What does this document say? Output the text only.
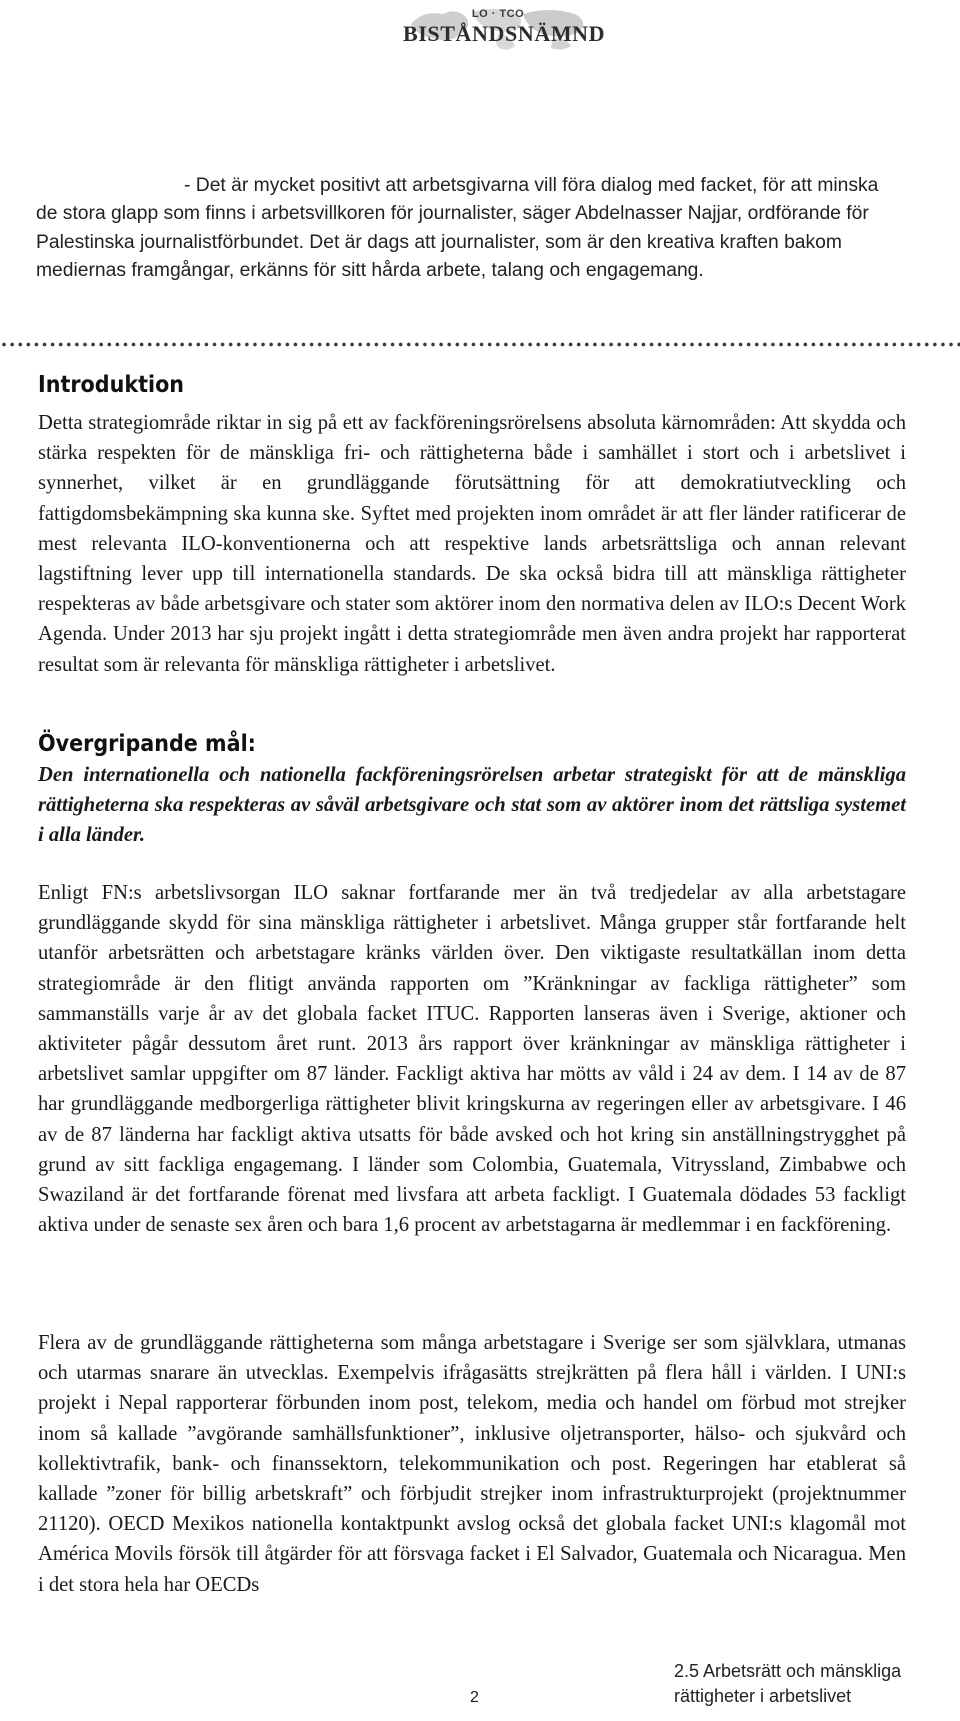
LO · TCO
BISTÅNDSNÄMND

- Det är mycket positivt att arbetsgivarna vill föra dialog med facket, för att minska de stora glapp som finns i arbetsvillkoren för journalister, säger Abdelnasser Najjar, ordförande för Palestinska journalistförbundet. Det är dags att journalister, som är den kreativa kraften bakom mediernas framgångar, erkänns för sitt hårda arbete, talang och engagemang.

Introduktion

Detta strategiområde riktar in sig på ett av fackföreningsrörelsens absoluta kärnområden: Att skydda och stärka respekten för de mänskliga fri- och rättigheterna både i samhället i stort och i arbetslivet i synnerhet, vilket är en grundläggande förutsättning för att demokratiutveckling och fattigdomsbekämpning ska kunna ske. Syftet med projekten inom området är att fler länder ratificerar de mest relevanta ILO-konventionerna och att respektive lands arbetsrättsliga och annan relevant lagstiftning lever upp till internationella standards. De ska också bidra till att mänskliga rättigheter respekteras av både arbetsgivare och stater som aktörer inom den normativa delen av ILO:s Decent Work Agenda. Under 2013 har sju projekt ingått i detta strategiområde men även andra projekt har rapporterat resultat som är relevanta för mänskliga rättigheter i arbetslivet.

Övergripande mål:

Den internationella och nationella fackföreningsrörelsen arbetar strategiskt för att de mänskliga rättigheterna ska respekteras av såväl arbetsgivare och stat som av aktörer inom det rättsliga systemet i alla länder.

Enligt FN:s arbetslivsorgan ILO saknar fortfarande mer än två tredjedelar av alla arbetstagare grundläggande skydd för sina mänskliga rättigheter i arbetslivet. Många grupper står fortfarande helt utanför arbetsrätten och arbetstagare kränks världen över. Den viktigaste resultatkällan inom detta strategiområde är den flitigt använda rapporten om ”Kränkningar av fackliga rättigheter” som sammanställs varje år av det globala facket ITUC. Rapporten lanseras även i Sverige, aktioner och aktiviteter pågår dessutom året runt. 2013 års rapport över kränkningar av mänskliga rättigheter i arbetslivet samlar uppgifter om 87 länder. Fackligt aktiva har mötts av våld i 24 av dem. I 14 av de 87 har grundläggande medborgerliga rättigheter blivit kringskurna av regeringen eller av arbetsgivare. I 46 av de 87 länderna har fackligt aktiva utsatts för både avsked och hot kring sin anställningstrygghet på grund av sitt fackliga engagemang. I länder som Colombia, Guatemala, Vitryssland, Zimbabwe och Swaziland är det fortfarande förenat med livsfara att arbeta fackligt. I Guatemala dödades 53 fackligt aktiva under de senaste sex åren och bara 1,6 procent av arbetstagarna är medlemmar i en fackförening.

Flera av de grundläggande rättigheterna som många arbetstagare i Sverige ser som självklara, utmanas och utarmas snarare än utvecklas. Exempelvis ifrågasätts strejkrätten på flera håll i världen. I UNI:s projekt i Nepal rapporterar förbunden inom post, telekom, media och handel om förbud mot strejker inom så kallade ”avgörande samhällsfunktioner”, inklusive oljetransporter, hälso- och sjukvård och kollektivtrafik, bank- och finanssektorn, telekommunikation och post. Regeringen har etablerat så kallade ”zoner för billig arbetskraft” och förbjudit strejker inom infrastrukturprojekt (projektnummer 21120). OECD Mexikos nationella kontaktpunkt avslog också det globala facket UNI:s klagomål mot América Movils försök till åtgärder för att försvaga facket i El Salvador, Guatemala och Nicaragua. Men i det stora hela har OECDs

2
2.5 Arbetsrätt och mänskliga
rättigheter i arbetslivet
